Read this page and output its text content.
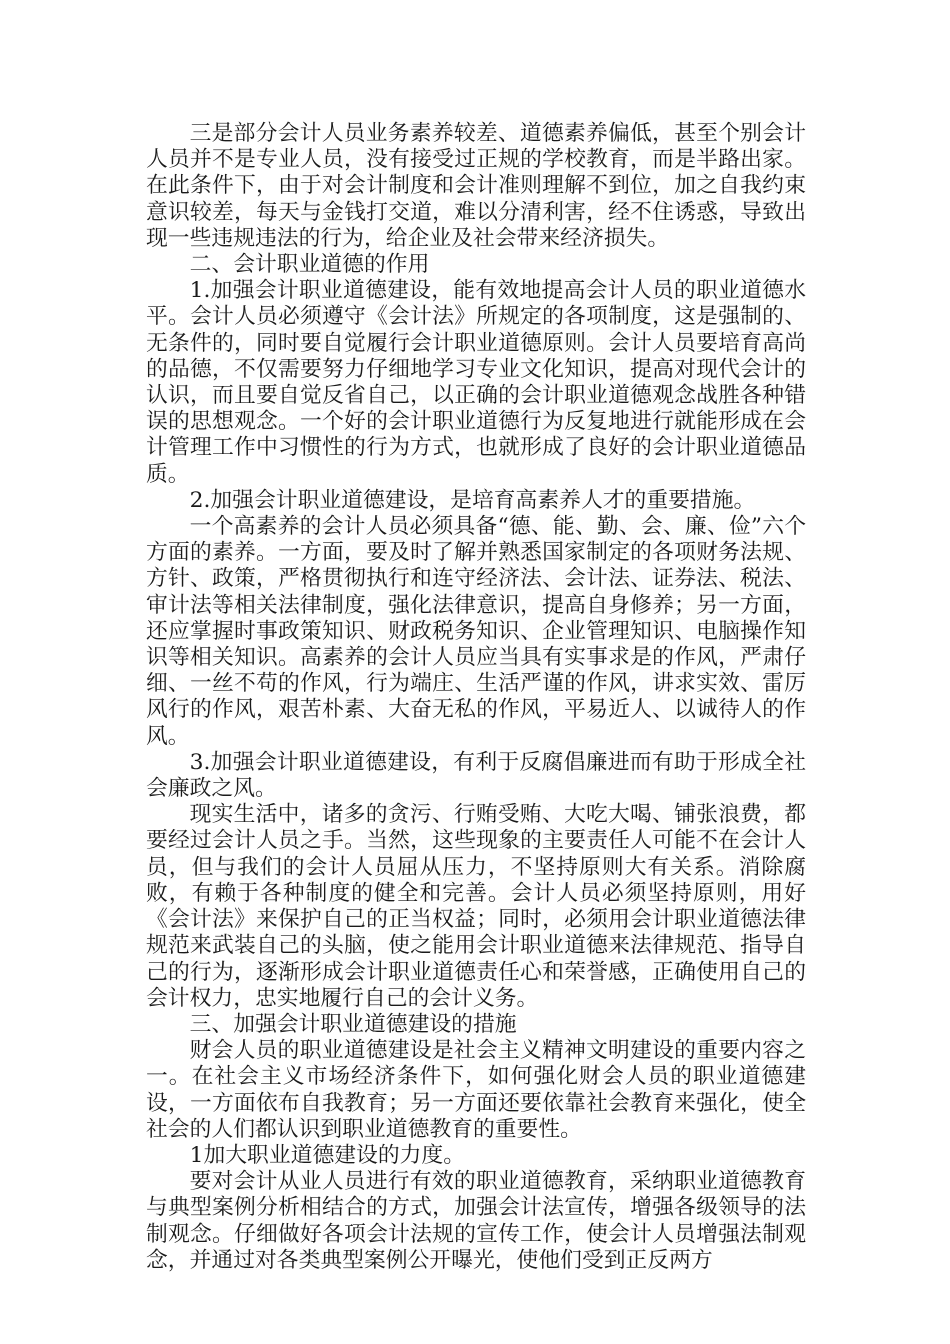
三是部分会计人员业务素养较差、道德素养偏低，甚至个别会计人员并不是专业人员，没有接受过正规的学校教育，而是半路出家。在此条件下，由于对会计制度和会计准则理解不到位，加之自我约束意识较差，每天与金钱打交道，难以分清利害，经不住诱惑，导致出现一些违规违法的行为，给企业及社会带来经济损失。

二、会计职业道德的作用

1.加强会计职业道德建设，能有效地提高会计人员的职业道德水平。会计人员必须遵守《会计法》所规定的各项制度，这是强制的、无条件的，同时要自觉履行会计职业道德原则。会计人员要培育高尚的品德，不仅需要努力仔细地学习专业文化知识，提高对现代会计的认识，而且要自觉反省自己，以正确的会计职业道德观念战胜各种错误的思想观念。一个好的会计职业道德行为反复地进行就能形成在会计管理工作中习惯性的行为方式，也就形成了良好的会计职业道德品质。

2.加强会计职业道德建设，是培育高素养人才的重要措施。

一个高素养的会计人员必须具备“德、能、勤、会、廉、俭”六个方面的素养。一方面，要及时了解并熟悉国家制定的各项财务法规、方针、政策，严格贯彻执行和连守经济法、会计法、证券法、税法、审计法等相关法律制度，强化法律意识，提高自身修养；另一方面，还应掌握时事政策知识、财政税务知识、企业管理知识、电脑操作知识等相关知识。高素养的会计人员应当具有实事求是的作风，严肃仔细、一丝不苟的作风，行为端庄、生活严谨的作风，讲求实效、雷厉风行的作风，艰苦朴素、大奋无私的作风，平易近人、以诚待人的作风。

3.加强会计职业道德建设，有利于反腐倡廉进而有助于形成全社会廉政之风。

现实生活中，诸多的贪污、行贿受贿、大吃大喝、铺张浪费，都要经过会计人员之手。当然，这些现象的主要责任人可能不在会计人员，但与我们的会计人员屈从压力，不坚持原则大有关系。消除腐败，有赖于各种制度的健全和完善。会计人员必须坚持原则，用好《会计法》来保护自己的正当权益；同时，必须用会计职业道德法律规范来武装自己的头脑，使之能用会计职业道德来法律规范、指导自己的行为，逐渐形成会计职业道德责任心和荣誉感，正确使用自己的会计权力，忠实地履行自己的会计义务。

三、加强会计职业道德建设的措施

财会人员的职业道德建设是社会主义精神文明建设的重要内容之一。在社会主义市场经济条件下，如何强化财会人员的职业道德建设，一方面依布自我教育；另一方面还要依靠社会教育来强化，使全社会的人们都认识到职业道德教育的重要性。

1加大职业道德建设的力度。

要对会计从业人员进行有效的职业道德教育，采纳职业道德教育与典型案例分析相结合的方式，加强会计法宣传，增强各级领导的法制观念。仔细做好各项会计法规的宣传工作，使会计人员增强法制观念，并通过对各类典型案例公开曝光，使他们受到正反两方
